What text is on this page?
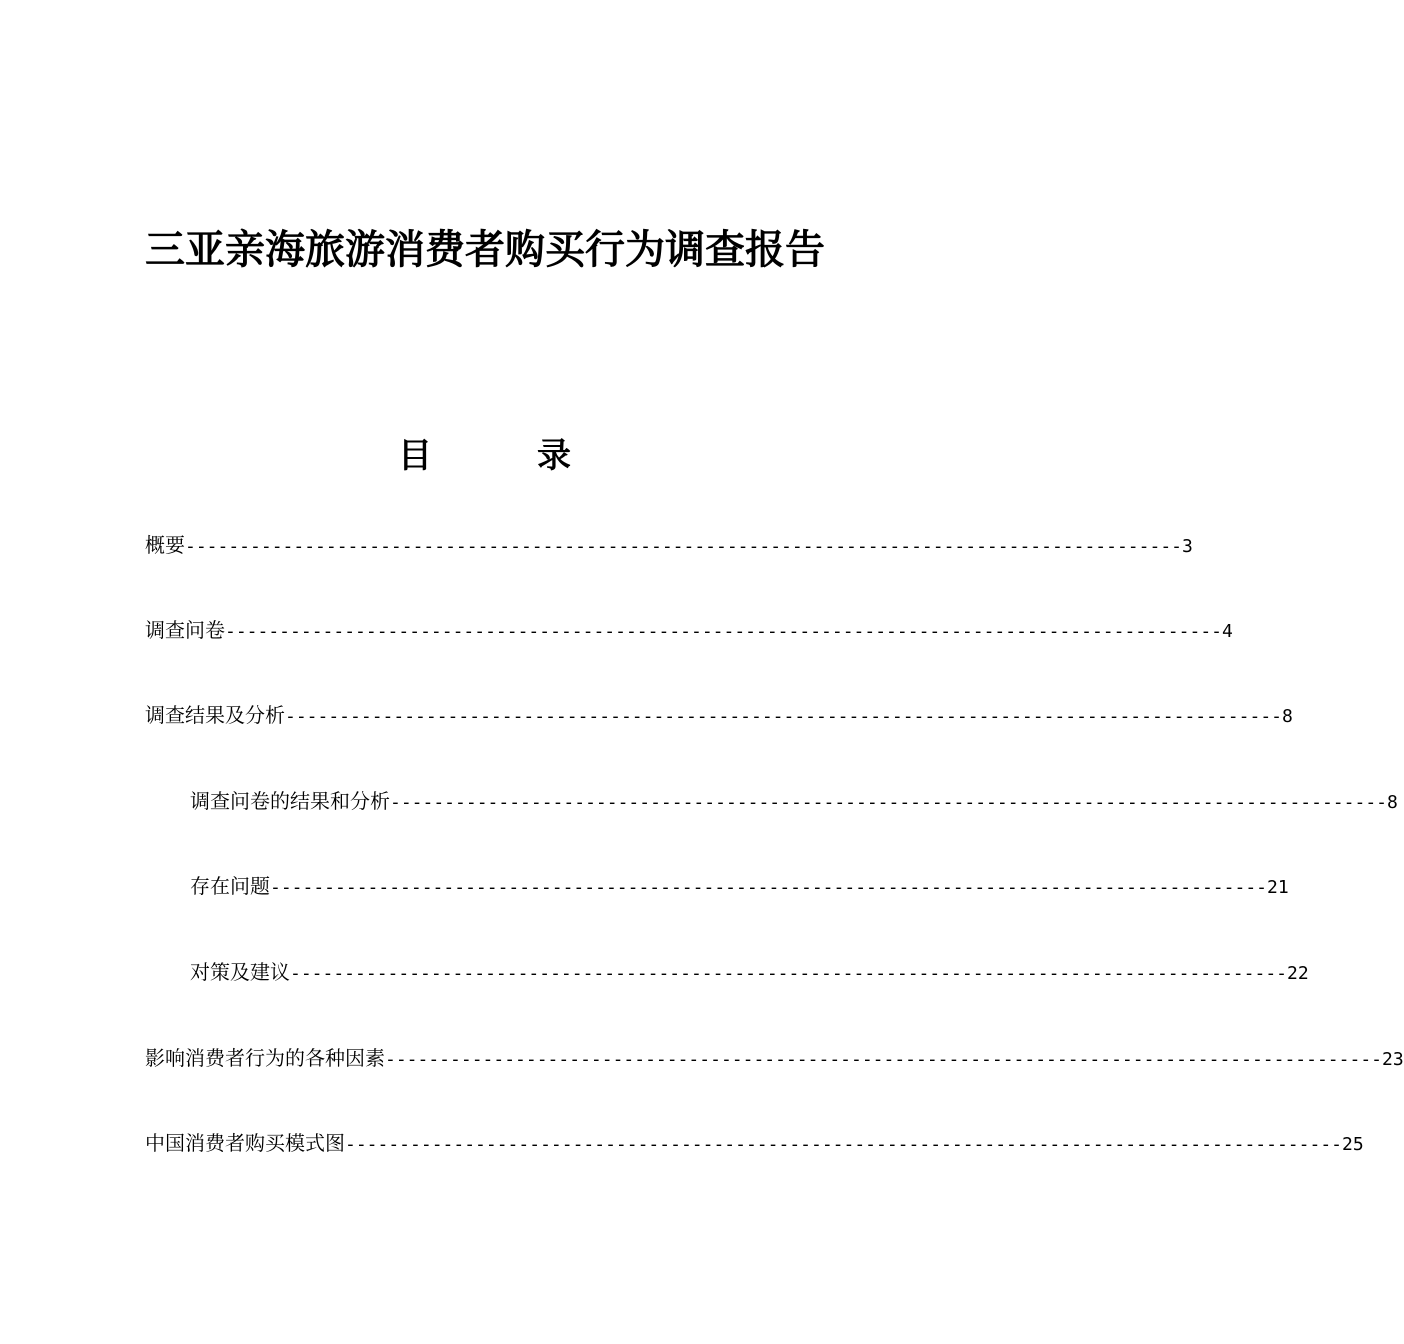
三亚亲海旅游消费者购买行为调查报告
目	录
概要 -------------------------------------------------------------------------------------------- 3
调查问卷 -------------------------------------------------------------------------------------------- 4
调查结果及分析 -------------------------------------------------------------------------------------------- 8
调查问卷的结果和分析 -------------------------------------------------------------------------------------------- 8
存在问题 -------------------------------------------------------------------------------------------- 21
对策及建议 -------------------------------------------------------------------------------------------- 22
影响消费者行为的各种因素 -------------------------------------------------------------------------------------------- 23
中国消费者购买模式图 -------------------------------------------------------------------------------------------- 25
